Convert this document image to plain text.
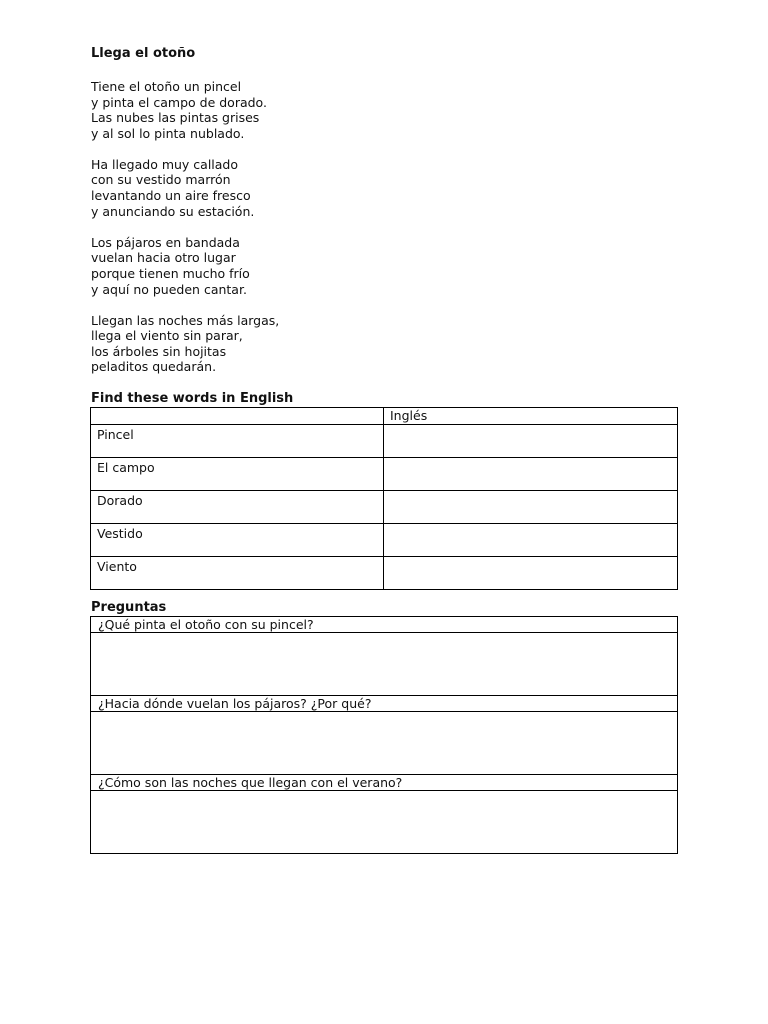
Llega el otoño
Tiene el otoño un pincel
y pinta el campo de dorado.
Las nubes las pintas grises
y al sol lo pinta nublado.
Ha llegado muy callado
con su vestido marrón
levantando un aire fresco
y anunciando su estación.
Los pájaros en bandada
vuelan hacia otro lugar
porque tienen mucho frío
y aquí no pueden cantar.
Llegan las noches más largas,
llega el viento sin parar,
los árboles sin hojitas
peladitos quedarán.
Find these words in English
	Inglés
Pincel	
El campo	
Dorado	
Vestido	
Viento	
Preguntas
¿Qué pinta el otoño con su pincel?

¿Hacia dónde vuelan los pájaros? ¿Por qué?

¿Cómo son las noches que llegan con el verano?
